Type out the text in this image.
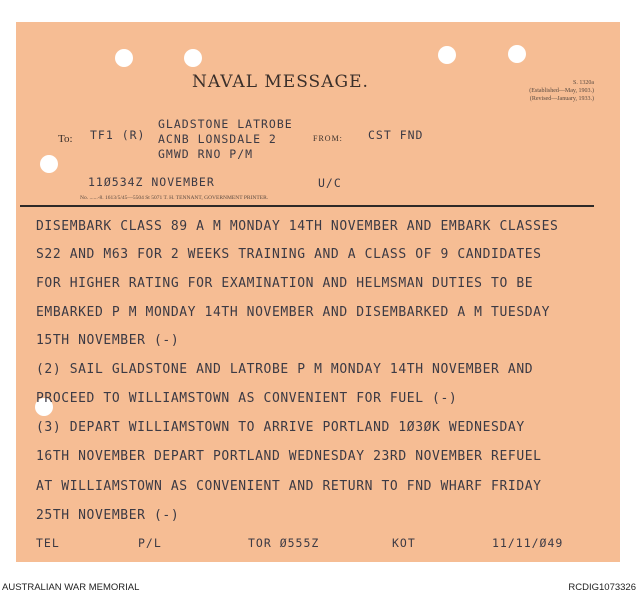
NAVAL MESSAGE.	S. 1320a
(Established—May, 1903.)
(Revised—January, 1933.)
To:	FROM:
TF1 (R)
GLADSTONE LATROBE
ACNB LONSDALE 2
GMWD RNO P/M
CST FND
11Ø534Z NOVEMBER	U/C
No. ......-8. 1613/5/45—5504 St 5071 T. H. TENNANT, GOVERNMENT PRINTER.
DISEMBARK CLASS 89 A M MONDAY 14TH NOVEMBER AND EMBARK CLASSES
S22 AND M63 FOR 2 WEEKS TRAINING AND A CLASS OF 9 CANDIDATES
FOR HIGHER RATING FOR EXAMINATION AND HELMSMAN DUTIES TO BE
EMBARKED P M MONDAY 14TH NOVEMBER AND DISEMBARKED A M TUESDAY
15TH NOVEMBER (-)
(2) SAIL GLADSTONE AND LATROBE P M MONDAY 14TH NOVEMBER AND
PROCEED TO WILLIAMSTOWN AS CONVENIENT FOR FUEL (-)
(3) DEPART WILLIAMSTOWN TO ARRIVE PORTLAND 1Ø3ØK WEDNESDAY
16TH NOVEMBER DEPART PORTLAND WEDNESDAY 23RD NOVEMBER REFUEL
AT WILLIAMSTOWN AS CONVENIENT AND RETURN TO FND WHARF FRIDAY
25TH NOVEMBER (-)
TEL	P/L	TOR Ø555Z	KOT	11/11/Ø49
AUSTRALIAN WAR MEMORIAL	RCDIG1073326
